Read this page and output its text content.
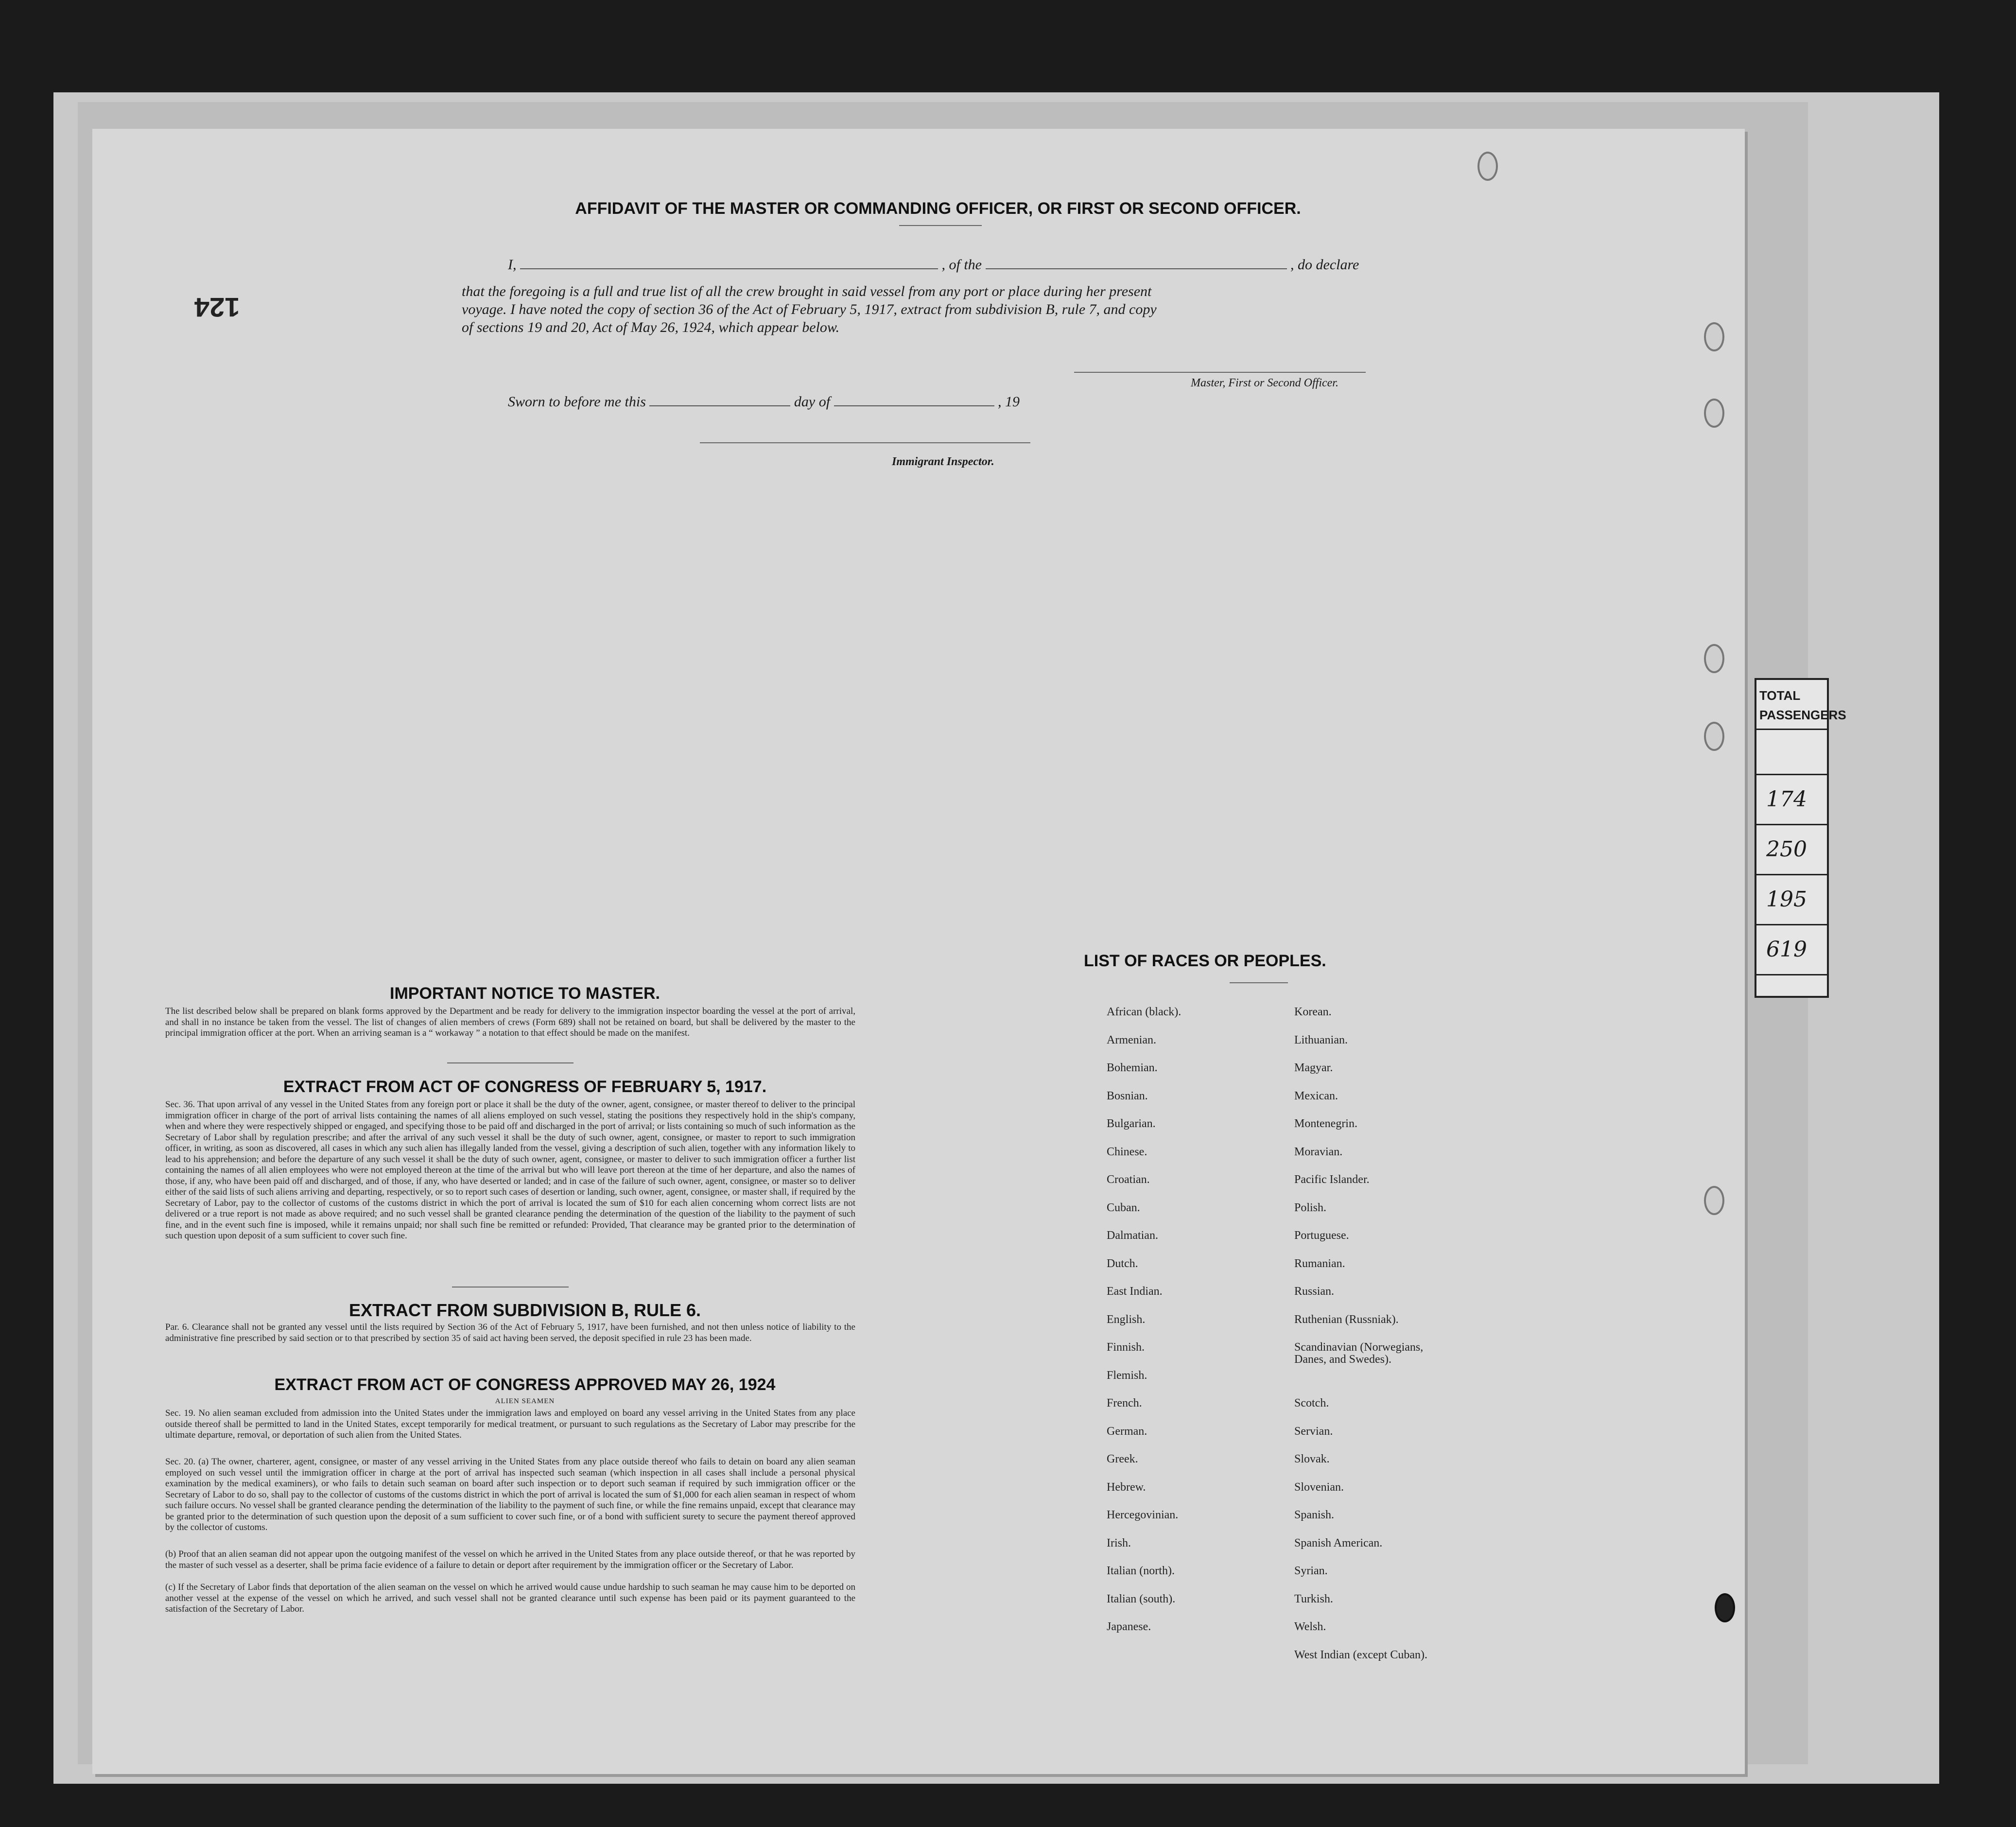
TOTAL
PASSENGERS
174
250
195
619
124
AFFIDAVIT OF THE MASTER OR COMMANDING OFFICER, OR FIRST OR SECOND OFFICER.
I,	, of the	, do declare
that the foregoing is a full and true list of all the crew brought in said vessel from any port or place during her present
voyage. I have noted the copy of section 36 of the Act of February 5, 1917, extract from subdivision B, rule 7, and copy
of sections 19 and 20, Act of May 26, 1924, which appear below.
Master, First or Second Officer.
Sworn to before me this	day of	, 19
Immigrant Inspector.
IMPORTANT NOTICE TO MASTER.
The list described below shall be prepared on blank forms approved by the Department and be ready for delivery to the immigration inspector boarding the vessel at the port of arrival, and shall in no instance be taken from the vessel. The list of changes of alien members of crews (Form 689) shall not be retained on board, but shall be delivered by the master to the principal immigration officer at the port. When an arriving seaman is a “ workaway ” a notation to that effect should be made on the manifest.
EXTRACT FROM ACT OF CONGRESS OF FEBRUARY 5, 1917.
Sec. 36. That upon arrival of any vessel in the United States from any foreign port or place it shall be the duty of the owner, agent, consignee, or master thereof to deliver to the principal immigration officer in charge of the port of arrival lists containing the names of all aliens employed on such vessel, stating the positions they respectively hold in the ship's company, when and where they were respectively shipped or engaged, and specifying those to be paid off and discharged in the port of arrival; or lists containing so much of such information as the Secretary of Labor shall by regulation prescribe; and after the arrival of any such vessel it shall be the duty of such owner, agent, consignee, or master to report to such immigration officer, in writing, as soon as discovered, all cases in which any such alien has illegally landed from the vessel, giving a description of such alien, together with any information likely to lead to his apprehension; and before the departure of any such vessel it shall be the duty of such owner, agent, consignee, or master to deliver to such immigration officer a further list containing the names of all alien employees who were not employed thereon at the time of the arrival but who will leave port thereon at the time of her departure, and also the names of those, if any, who have been paid off and discharged, and of those, if any, who have deserted or landed; and in case of the failure of such owner, agent, consignee, or master so to deliver either of the said lists of such aliens arriving and departing, respectively, or so to report such cases of desertion or landing, such owner, agent, consignee, or master shall, if required by the Secretary of Labor, pay to the collector of customs of the customs district in which the port of arrival is located the sum of $10 for each alien concerning whom correct lists are not delivered or a true report is not made as above required; and no such vessel shall be granted clearance pending the determination of the question of the liability to the payment of such fine, and in the event such fine is imposed, while it remains unpaid; nor shall such fine be remitted or refunded: Provided, That clearance may be granted prior to the determination of such question upon deposit of a sum sufficient to cover such fine.
EXTRACT FROM SUBDIVISION B, RULE 6.
Par. 6. Clearance shall not be granted any vessel until the lists required by Section 36 of the Act of February 5, 1917, have been furnished, and not then unless notice of liability to the administrative fine prescribed by said section or to that prescribed by section 35 of said act having been served, the deposit specified in rule 23 has been made.
EXTRACT FROM ACT OF CONGRESS APPROVED MAY 26, 1924
ALIEN SEAMEN
Sec. 19. No alien seaman excluded from admission into the United States under the immigration laws and employed on board any vessel arriving in the United States from any place outside thereof shall be permitted to land in the United States, except temporarily for medical treatment, or pursuant to such regulations as the Secretary of Labor may prescribe for the ultimate departure, removal, or deportation of such alien from the United States.
Sec. 20. (a) The owner, charterer, agent, consignee, or master of any vessel arriving in the United States from any place outside thereof who fails to detain on board any alien seaman employed on such vessel until the immigration officer in charge at the port of arrival has inspected such seaman (which inspection in all cases shall include a personal physical examination by the medical examiners), or who fails to detain such seaman on board after such inspection or to deport such seaman if required by such immigration officer or the Secretary of Labor to do so, shall pay to the collector of customs of the customs district in which the port of arrival is located the sum of $1,000 for each alien seaman in respect of whom such failure occurs. No vessel shall be granted clearance pending the determination of the liability to the payment of such fine, or while the fine remains unpaid, except that clearance may be granted prior to the determination of such question upon the deposit of a sum sufficient to cover such fine, or of a bond with sufficient surety to secure the payment thereof approved by the collector of customs.
(b) Proof that an alien seaman did not appear upon the outgoing manifest of the vessel on which he arrived in the United States from any place outside thereof, or that he was reported by the master of such vessel as a deserter, shall be prima facie evidence of a failure to detain or deport after requirement by the immigration officer or the Secretary of Labor.
(c) If the Secretary of Labor finds that deportation of the alien seaman on the vessel on which he arrived would cause undue hardship to such seaman he may cause him to be deported on another vessel at the expense of the vessel on which he arrived, and such vessel shall not be granted clearance until such expense has been paid or its payment guaranteed to the satisfaction of the Secretary of Labor.
LIST OF RACES OR PEOPLES.
African (black).
Armenian.
Bohemian.
Bosnian.
Bulgarian.
Chinese.
Croatian.
Cuban.
Dalmatian.
Dutch.
East Indian.
English.
Finnish.
Flemish.
French.
German.
Greek.
Hebrew.
Hercegovinian.
Irish.
Italian (north).
Italian (south).
Japanese.
Korean.
Lithuanian.
Magyar.
Mexican.
Montenegrin.
Moravian.
Pacific Islander.
Polish.
Portuguese.
Rumanian.
Russian.
Ruthenian (Russniak).
Scandinavian (Norwegians,
Danes, and Swedes).
Scotch.
Servian.
Slovak.
Slovenian.
Spanish.
Spanish American.
Syrian.
Turkish.
Welsh.
West Indian (except Cuban).
